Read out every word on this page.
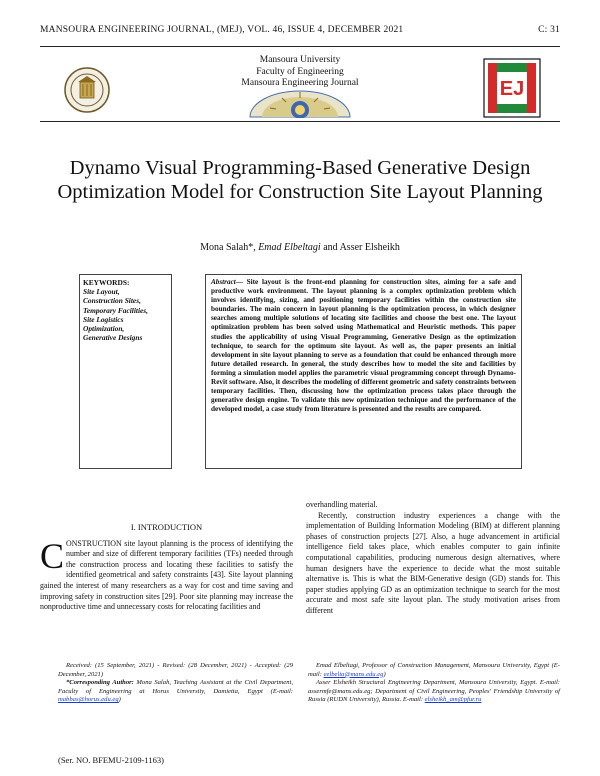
MANSOURA ENGINEERING JOURNAL, (MEJ), VOL. 46, ISSUE 4, DECEMBER 2021	C: 31
Mansoura University
Faculty of Engineering
Mansoura Engineering Journal	EJ
Dynamo Visual Programming-Based Generative Design Optimization Model for Construction Site Layout Planning
Mona Salah*, Emad Elbeltagi and Asser Elsheikh
KEYWORDS:
Site Layout,
Construction Sites,
Temporary Facilities,
Site Logistics
Optimization,
Generative Designs
Abstract— Site layout is the front-end planning for construction sites, aiming for a safe and productive work environment. The layout planning is a complex optimization problem which involves identifying, sizing, and positioning temporary facilities within the construction site boundaries. The main concern in layout planning is the optimization process, in which designer searches among multiple solutions of locating site facilities and choose the best one. The layout optimization problem has been solved using Mathematical and Heuristic methods. This paper studies the applicability of using Visual Programming, Generative Design as the optimization technique, to search for the optimum site layout. As well as, the paper presents an initial development in site layout planning to serve as a foundation that could be enhanced through more future detailed research. In general, the study describes how to model the site and facilities by forming a simulation model applies the parametric visual programming concept through Dynamo-Revit software. Also, it describes the modeling of different geometric and safety constraints between temporary facilities. Then, discussing how the optimization process takes place through the generative design engine. To validate this new optimization technique and the performance of the developed model, a case study from literature is presented and the results are compared.
I. INTRODUCTION
C ONSTRUCTION site layout planning is the process of identifying the number and size of different temporary facilities (TFs) needed through the construction process and locating these facilities to satisfy the identified geometrical and safety constraints [43]. Site layout planning gained the interest of many researchers as a way for cost and time saving and improving safety in construction sites [29]. Poor site planning may increase the nonproductive time and unnecessary costs for relocating facilities and
overhandling material.
Recently, construction industry experiences a change with the implementation of Building Information Modeling (BIM) at different planning phases of construction projects [27]. Also, a huge advancement in artificial intelligence field takes place, which enables computer to gain infinite computational capabilities, producing numerous design alternatives, where human designers have the experience to decide what the most suitable alternative is. This is what the BIM-Generative design (GD) stands for. This paper studies applying GD as an optimization technique to search for the most accurate and most safe site layout plan. The study motivation arises from different
Received: (15 September, 2021) - Revised: (28 December, 2021) - Accepted: (29 December, 2021)
*Corresponding Author: Mona Salah, Teaching Assistant at the Civil Department, Faculty of Engineering at Horus University, Damietta, Egypt (E-mail: mabbas@horus.edu.eg)
Emad Elbeltagi, Professor of Construction Management, Mansoura University, Egypt (E-mail: eelbelta@mans.edu.eg)
Asser Elsheikh Structural Engineering Department, Mansoura University, Egypt. E-mail: assermfe@mans.edu.eg; Department of Civil Engineering, Peoples' Friendship University of Russia (RUDN University), Russia. E-mail: elsheikh_am@pfur.ru
(Ser. NO. BFEMU-2109-1163)
